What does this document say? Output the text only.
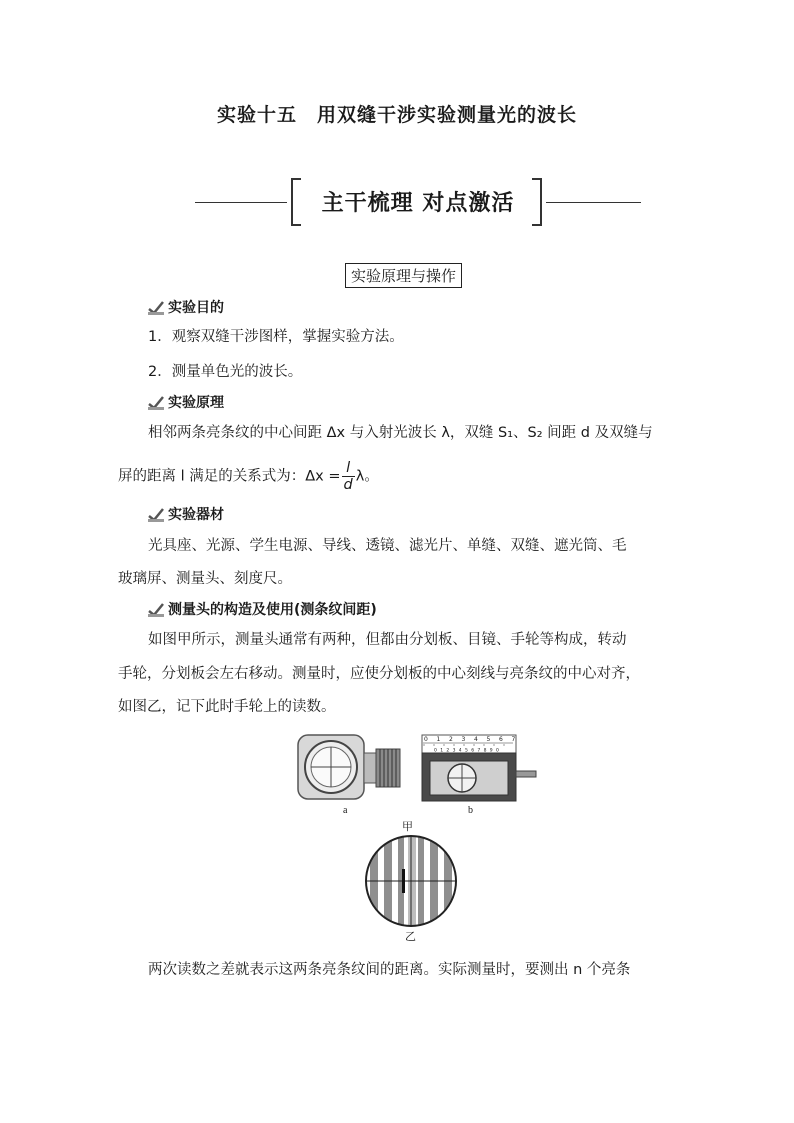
实验十五　用双缝干涉实验测量光的波长
主干梳理 对点激活
实验原理与操作
实验目的
1．观察双缝干涉图样，掌握实验方法。
2．测量单色光的波长。
实验原理
相邻两条亮条纹的中心间距 Δx 与入射光波长 λ，双缝 S₁、S₂ 间距 d 及双缝与
屏的距离 l 满足的关系式为：$\Delta x = \frac{l}{d}$ λ。
实验器材
光具座、光源、学生电源、导线、透镜、滤光片、单缝、双缝、遮光筒、毛
玻璃屏、测量头、刻度尺。
测量头的构造及使用(测条纹间距)
如图甲所示，测量头通常有两种，但都由分划板、目镜、手轮等构成，转动
手轮，分划板会左右移动。测量时，应使分划板的中心刻线与亮条纹的中心对齐，
如图乙，记下此时手轮上的读数。
a
0 1 2 3 4 5 6 7
0 1 2 3 4 5 6 7 8 9 0
b
甲
乙
两次读数之差就表示这两条亮条纹间的距离。实际测量时，要测出 n 个亮条
